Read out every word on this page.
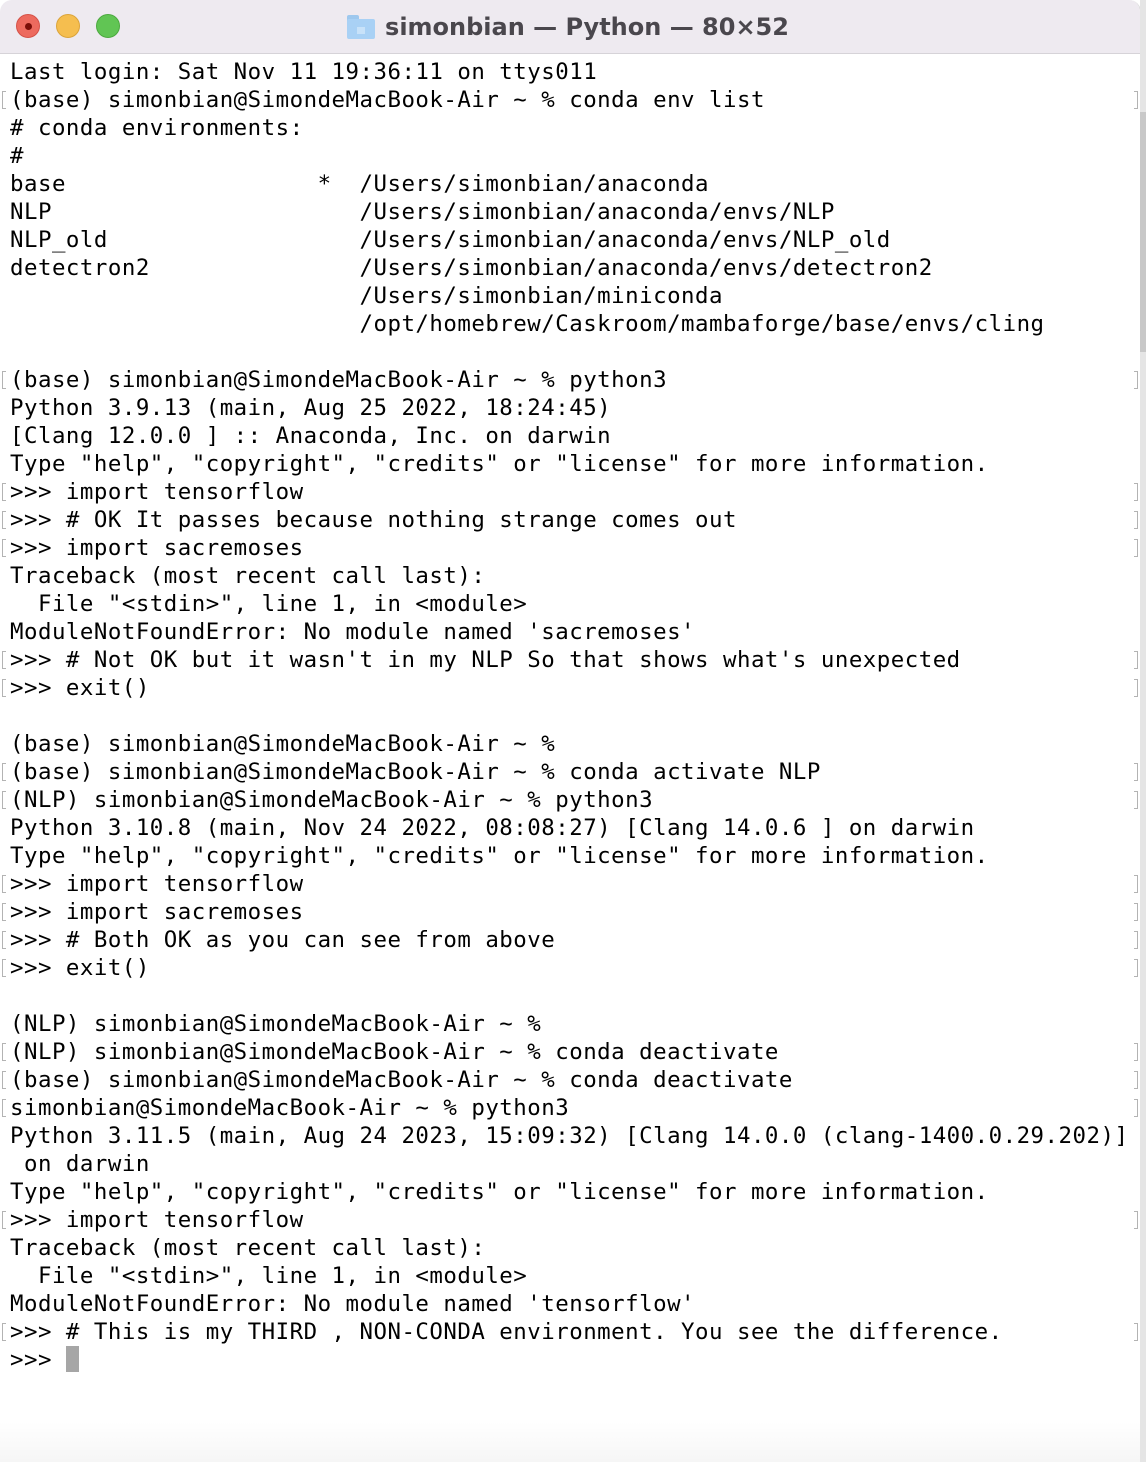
simonbian — Python — 80×52
Last login: Sat Nov 11 19:36:11 on ttys011
(base) simonbian@SimondeMacBook-Air ~ % conda env list
# conda environments:
#
base                  *  /Users/simonbian/anaconda
NLP                      /Users/simonbian/anaconda/envs/NLP
NLP_old                  /Users/simonbian/anaconda/envs/NLP_old
detectron2               /Users/simonbian/anaconda/envs/detectron2
/Users/simonbian/miniconda
/opt/homebrew/Caskroom/mambaforge/base/envs/cling
(base) simonbian@SimondeMacBook-Air ~ % python3
Python 3.9.13 (main, Aug 25 2022, 18:24:45)
[Clang 12.0.0 ] :: Anaconda, Inc. on darwin
Type "help", "copyright", "credits" or "license" for more information.
>>> import tensorflow
>>> # OK It passes because nothing strange comes out
>>> import sacremoses
Traceback (most recent call last):
File "<stdin>", line 1, in <module>
ModuleNotFoundError: No module named 'sacremoses'
>>> # Not OK but it wasn't in my NLP So that shows what's unexpected
>>> exit()
(base) simonbian@SimondeMacBook-Air ~ %
(base) simonbian@SimondeMacBook-Air ~ % conda activate NLP
(NLP) simonbian@SimondeMacBook-Air ~ % python3
Python 3.10.8 (main, Nov 24 2022, 08:08:27) [Clang 14.0.6 ] on darwin
Type "help", "copyright", "credits" or "license" for more information.
>>> import tensorflow
>>> import sacremoses
>>> # Both OK as you can see from above
>>> exit()
(NLP) simonbian@SimondeMacBook-Air ~ %
(NLP) simonbian@SimondeMacBook-Air ~ % conda deactivate
(base) simonbian@SimondeMacBook-Air ~ % conda deactivate
simonbian@SimondeMacBook-Air ~ % python3
Python 3.11.5 (main, Aug 24 2023, 15:09:32) [Clang 14.0.0 (clang-1400.0.29.202)]
on darwin
Type "help", "copyright", "credits" or "license" for more information.
>>> import tensorflow
Traceback (most recent call last):
File "<stdin>", line 1, in <module>
ModuleNotFoundError: No module named 'tensorflow'
>>> # This is my THIRD , NON-CONDA environment. You see the difference.
>>>
